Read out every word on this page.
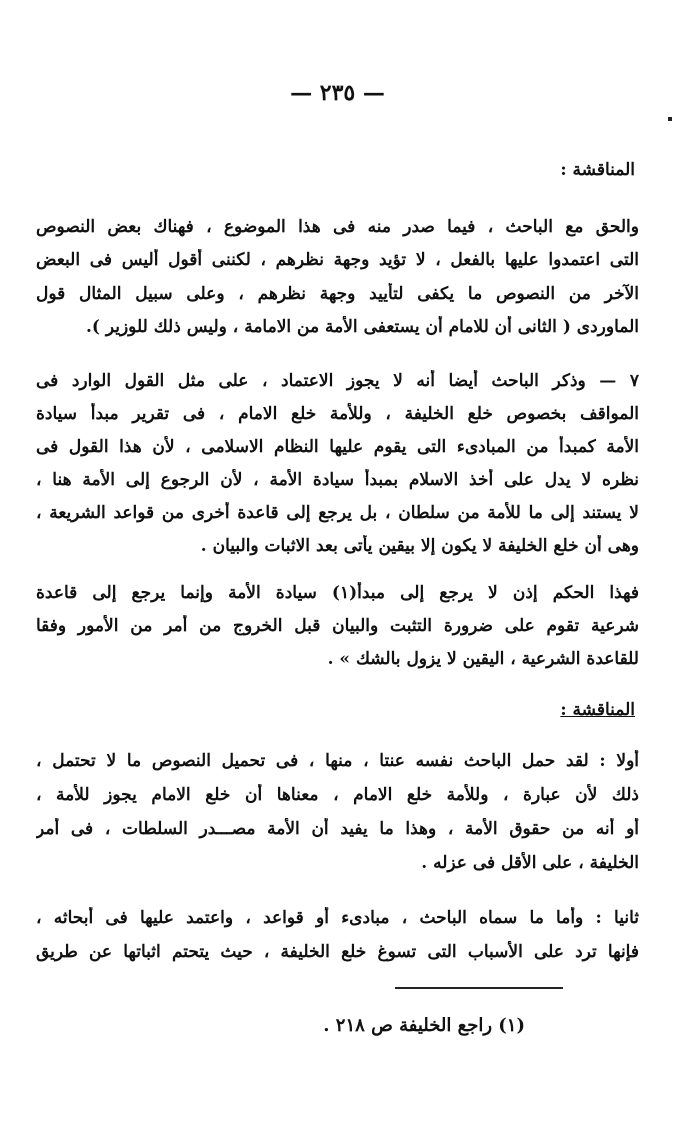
— ٢٣٥ —
المناقشة :
والحق مع الباحث ، فيما صدر منه فى هذا الموضوع ، فهناك بعض النصوص
التى اعتمدوا عليها بالفعل ، لا تؤيد وجهة نظرهم ، لكننى أقول أليس فى البعض
الآخر من النصوص ما يكفى لتأييد وجهة نظرهم ، وعلى سبيل المثال قول
الماوردى ( الثانى أن للامام أن يستعفى الأمة من الامامة ، وليس ذلك للوزير ).
٧ — وذكر الباحث أيضا أنه لا يجوز الاعتماد ، على مثل القول الوارد فى
المواقف بخصوص خلع الخليفة ، وللأمة خلع الامام ، فى تقرير مبدأ سيادة
الأمة كمبدأ من المبادىء التى يقوم عليها النظام الاسلامى ، لأن هذا القول فى
نظره لا يدل على أخذ الاسلام بمبدأ سيادة الأمة ، لأن الرجوع إلى الأمة هنا ،
لا يستند إلى ما للأمة من سلطان ، بل يرجع إلى قاعدة أخرى من قواعد الشريعة ،
وهى أن خلع الخليفة لا يكون إلا بيقين يأتى بعد الاثبات والبيان .
فهذا الحكم إذن لا يرجع إلى مبدأ(١) سيادة الأمة وإنما يرجع إلى قاعدة
شرعية تقوم على ضرورة التثبت والبيان قبل الخروج من أمر من الأمور وفقا
للقاعدة الشرعية ، اليقين لا يزول بالشك » .
المناقشة :
أولا : لقد حمل الباحث نفسه عنتا ، منها ، فى تحميل النصوص ما لا تحتمل ،
ذلك لأن عبارة ، وللأمة خلع الامام ، معناها أن خلع الامام يجوز للأمة ،
أو أنه من حقوق الأمة ، وهذا ما يفيد أن الأمة مصـــدر السلطات ، فى أمر
الخليفة ، على الأقل فى عزله .
ثانيا : وأما ما سماه الباحث ، مبادىء أو قواعد ، واعتمد عليها فى أبحاثه ،
فإنها ترد على الأسباب التى تسوغ خلع الخليفة ، حيث يتحتم اثباتها عن طريق
(١) راجع الخليفة ص ٢١٨ .
